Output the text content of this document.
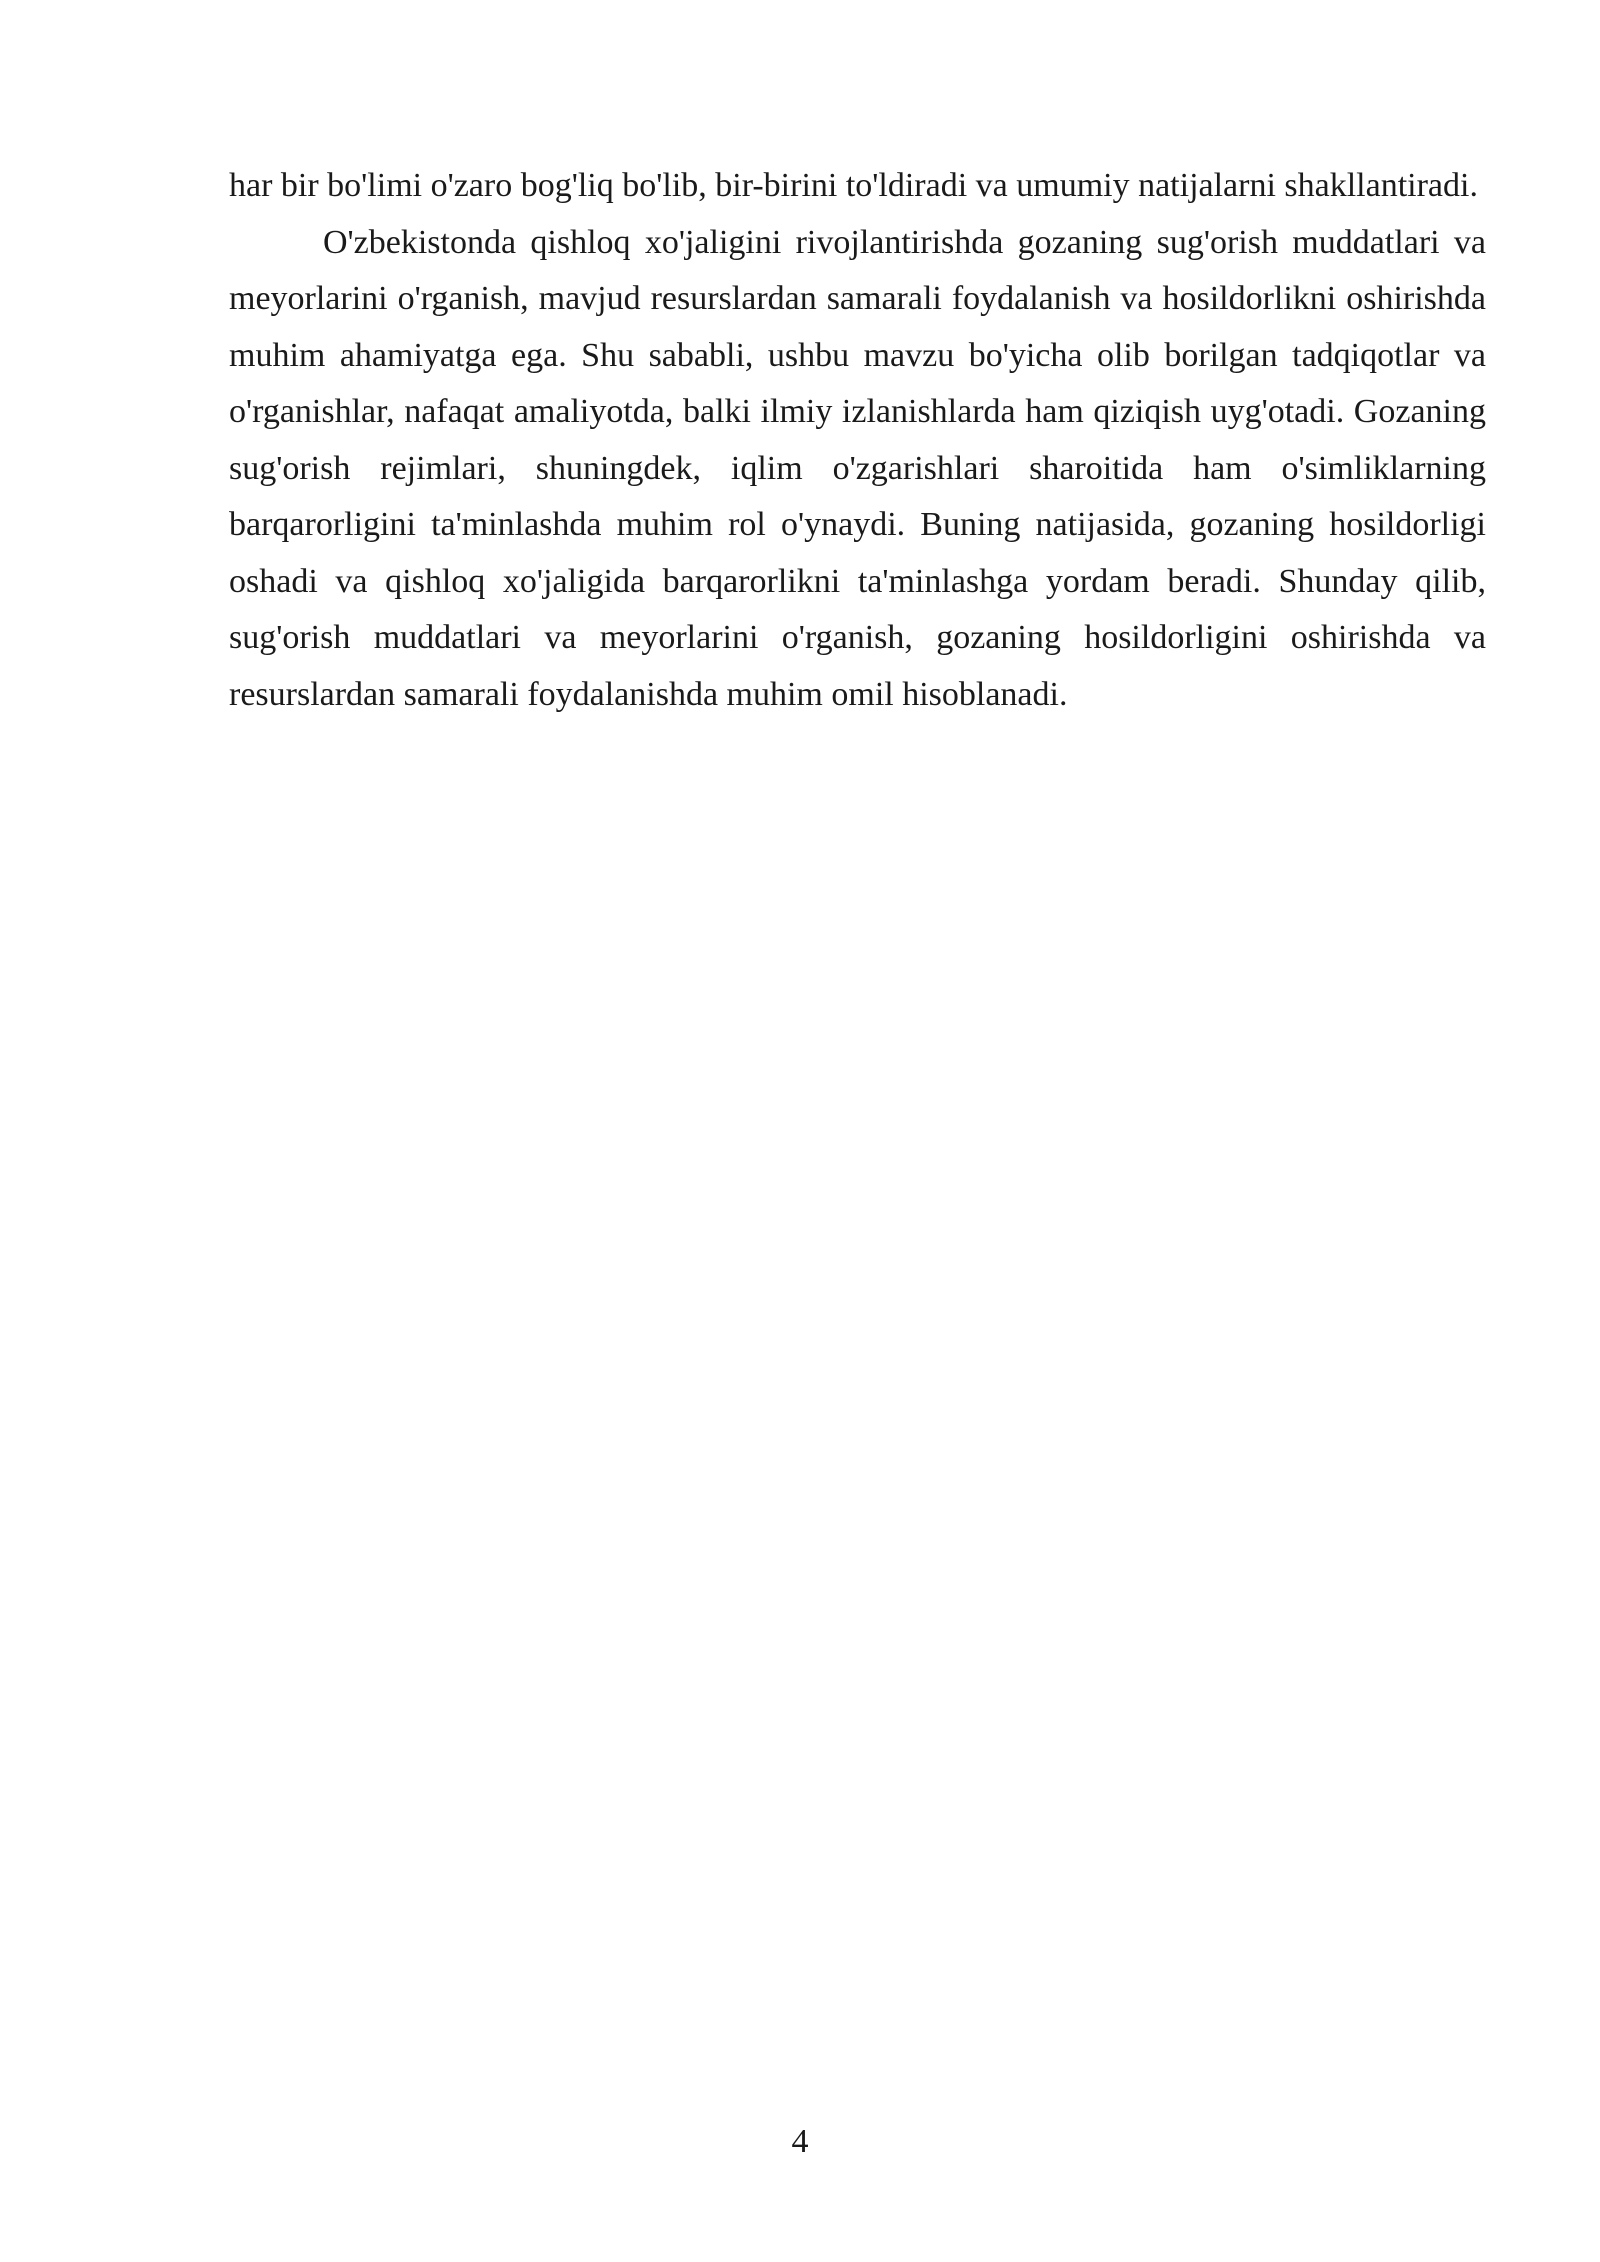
har bir bo'limi o'zaro bog'liq bo'lib, bir-birini to'ldiradi va umumiy natijalarni shakllantiradi.

O'zbekistonda qishloq xo'jaligini rivojlantirishda gozaning sug'orish muddatlari va meyorlarini o'rganish, mavjud resurslardan samarali foydalanish va hosildorlikni oshirishda muhim ahamiyatga ega. Shu sababli, ushbu mavzu bo'yicha olib borilgan tadqiqotlar va o'rganishlar, nafaqat amaliyotda, balki ilmiy izlanishlarda ham qiziqish uyg'otadi. Gozaning sug'orish rejimlari, shuningdek, iqlim o'zgarishlari sharoitida ham o'simliklarning barqarorligini ta'minlashda muhim rol o'ynaydi. Buning natijasida, gozaning hosildorligi oshadi va qishloq xo'jaligida barqarorlikni ta'minlashga yordam beradi. Shunday qilib, sug'orish muddatlari va meyorlarini o'rganish, gozaning hosildorligini oshirishda va resurslardan samarali foydalanishda muhim omil hisoblanadi.

4
